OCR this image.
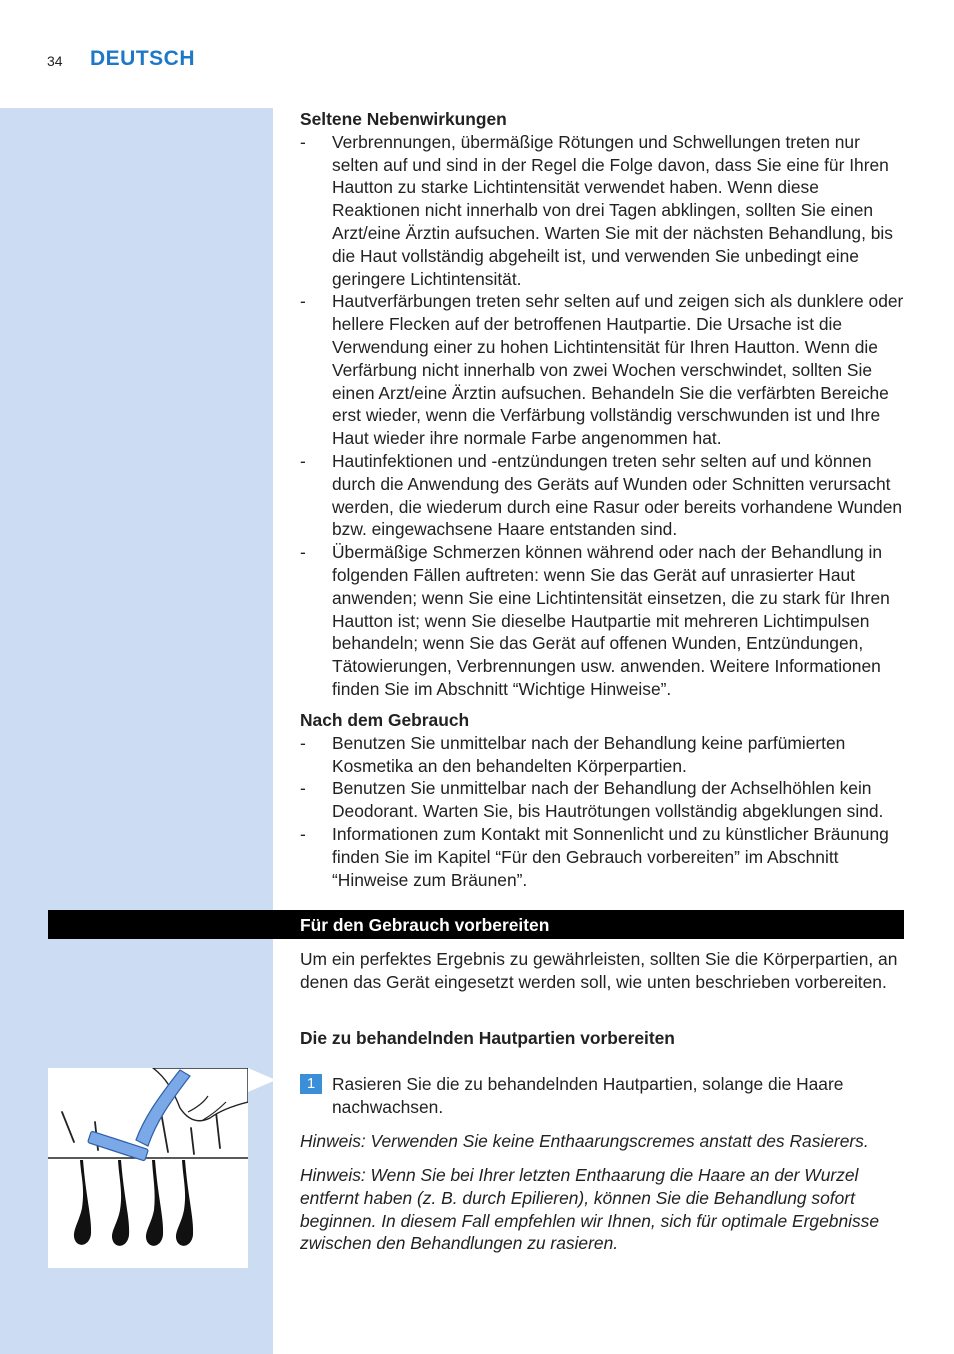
34 DEUTSCH
Seltene Nebenwirkungen
- Verbrennungen, übermäßige Rötungen und Schwellungen treten nur selten auf und sind in der Regel die Folge davon, dass Sie eine für Ihren Hautton zu starke Lichtintensität verwendet haben. Wenn diese Reaktionen nicht innerhalb von drei Tagen abklingen, sollten Sie einen Arzt/eine Ärztin aufsuchen. Warten Sie mit der nächsten Behandlung, bis die Haut vollständig abgeheilt ist, und verwenden Sie unbedingt eine geringere Lichtintensität.
- Hautverfärbungen treten sehr selten auf und zeigen sich als dunklere oder hellere Flecken auf der betroffenen Hautpartie. Die Ursache ist die Verwendung einer zu hohen Lichtintensität für Ihren Hautton. Wenn die Verfärbung nicht innerhalb von zwei Wochen verschwindet, sollten Sie einen Arzt/eine Ärztin aufsuchen. Behandeln Sie die verfärbten Bereiche erst wieder, wenn die Verfärbung vollständig verschwunden ist und Ihre Haut wieder ihre normale Farbe angenommen hat.
- Hautinfektionen und -entzündungen treten sehr selten auf und können durch die Anwendung des Geräts auf Wunden oder Schnitten verursacht werden, die wiederum durch eine Rasur oder bereits vorhandene Wunden bzw. eingewachsene Haare entstanden sind.
- Übermäßige Schmerzen können während oder nach der Behandlung in folgenden Fällen auftreten: wenn Sie das Gerät auf unrasierter Haut anwenden; wenn Sie eine Lichtintensität einsetzen, die zu stark für Ihren Hautton ist; wenn Sie dieselbe Hautpartie mit mehreren Lichtimpulsen behandeln; wenn Sie das Gerät auf offenen Wunden, Entzündungen, Tätowierungen, Verbrennungen usw. anwenden. Weitere Informationen finden Sie im Abschnitt “Wichtige Hinweise”.
Nach dem Gebrauch
- Benutzen Sie unmittelbar nach der Behandlung keine parfümierten Kosmetika an den behandelten Körperpartien.
- Benutzen Sie unmittelbar nach der Behandlung der Achselhöhlen kein Deodorant. Warten Sie, bis Hautrötungen vollständig abgeklungen sind.
- Informationen zum Kontakt mit Sonnenlicht und zu künstlicher Bräunung finden Sie im Kapitel “Für den Gebrauch vorbereiten” im Abschnitt “Hinweise zum Bräunen”.
Für den Gebrauch vorbereiten
Um ein perfektes Ergebnis zu gewährleisten, sollten Sie die Körperpartien, an denen das Gerät eingesetzt werden soll, wie unten beschrieben vorbereiten.
Die zu behandelnden Hautpartien vorbereiten
1 Rasieren Sie die zu behandelnden Hautpartien, solange die Haare nachwachsen.
Hinweis: Verwenden Sie keine Enthaarungscremes anstatt des Rasierers.
Hinweis: Wenn Sie bei Ihrer letzten Enthaarung die Haare an der Wurzel entfernt haben (z. B. durch Epilieren), können Sie die Behandlung sofort beginnen. In diesem Fall empfehlen wir Ihnen, sich für optimale Ergebnisse zwischen den Behandlungen zu rasieren.
